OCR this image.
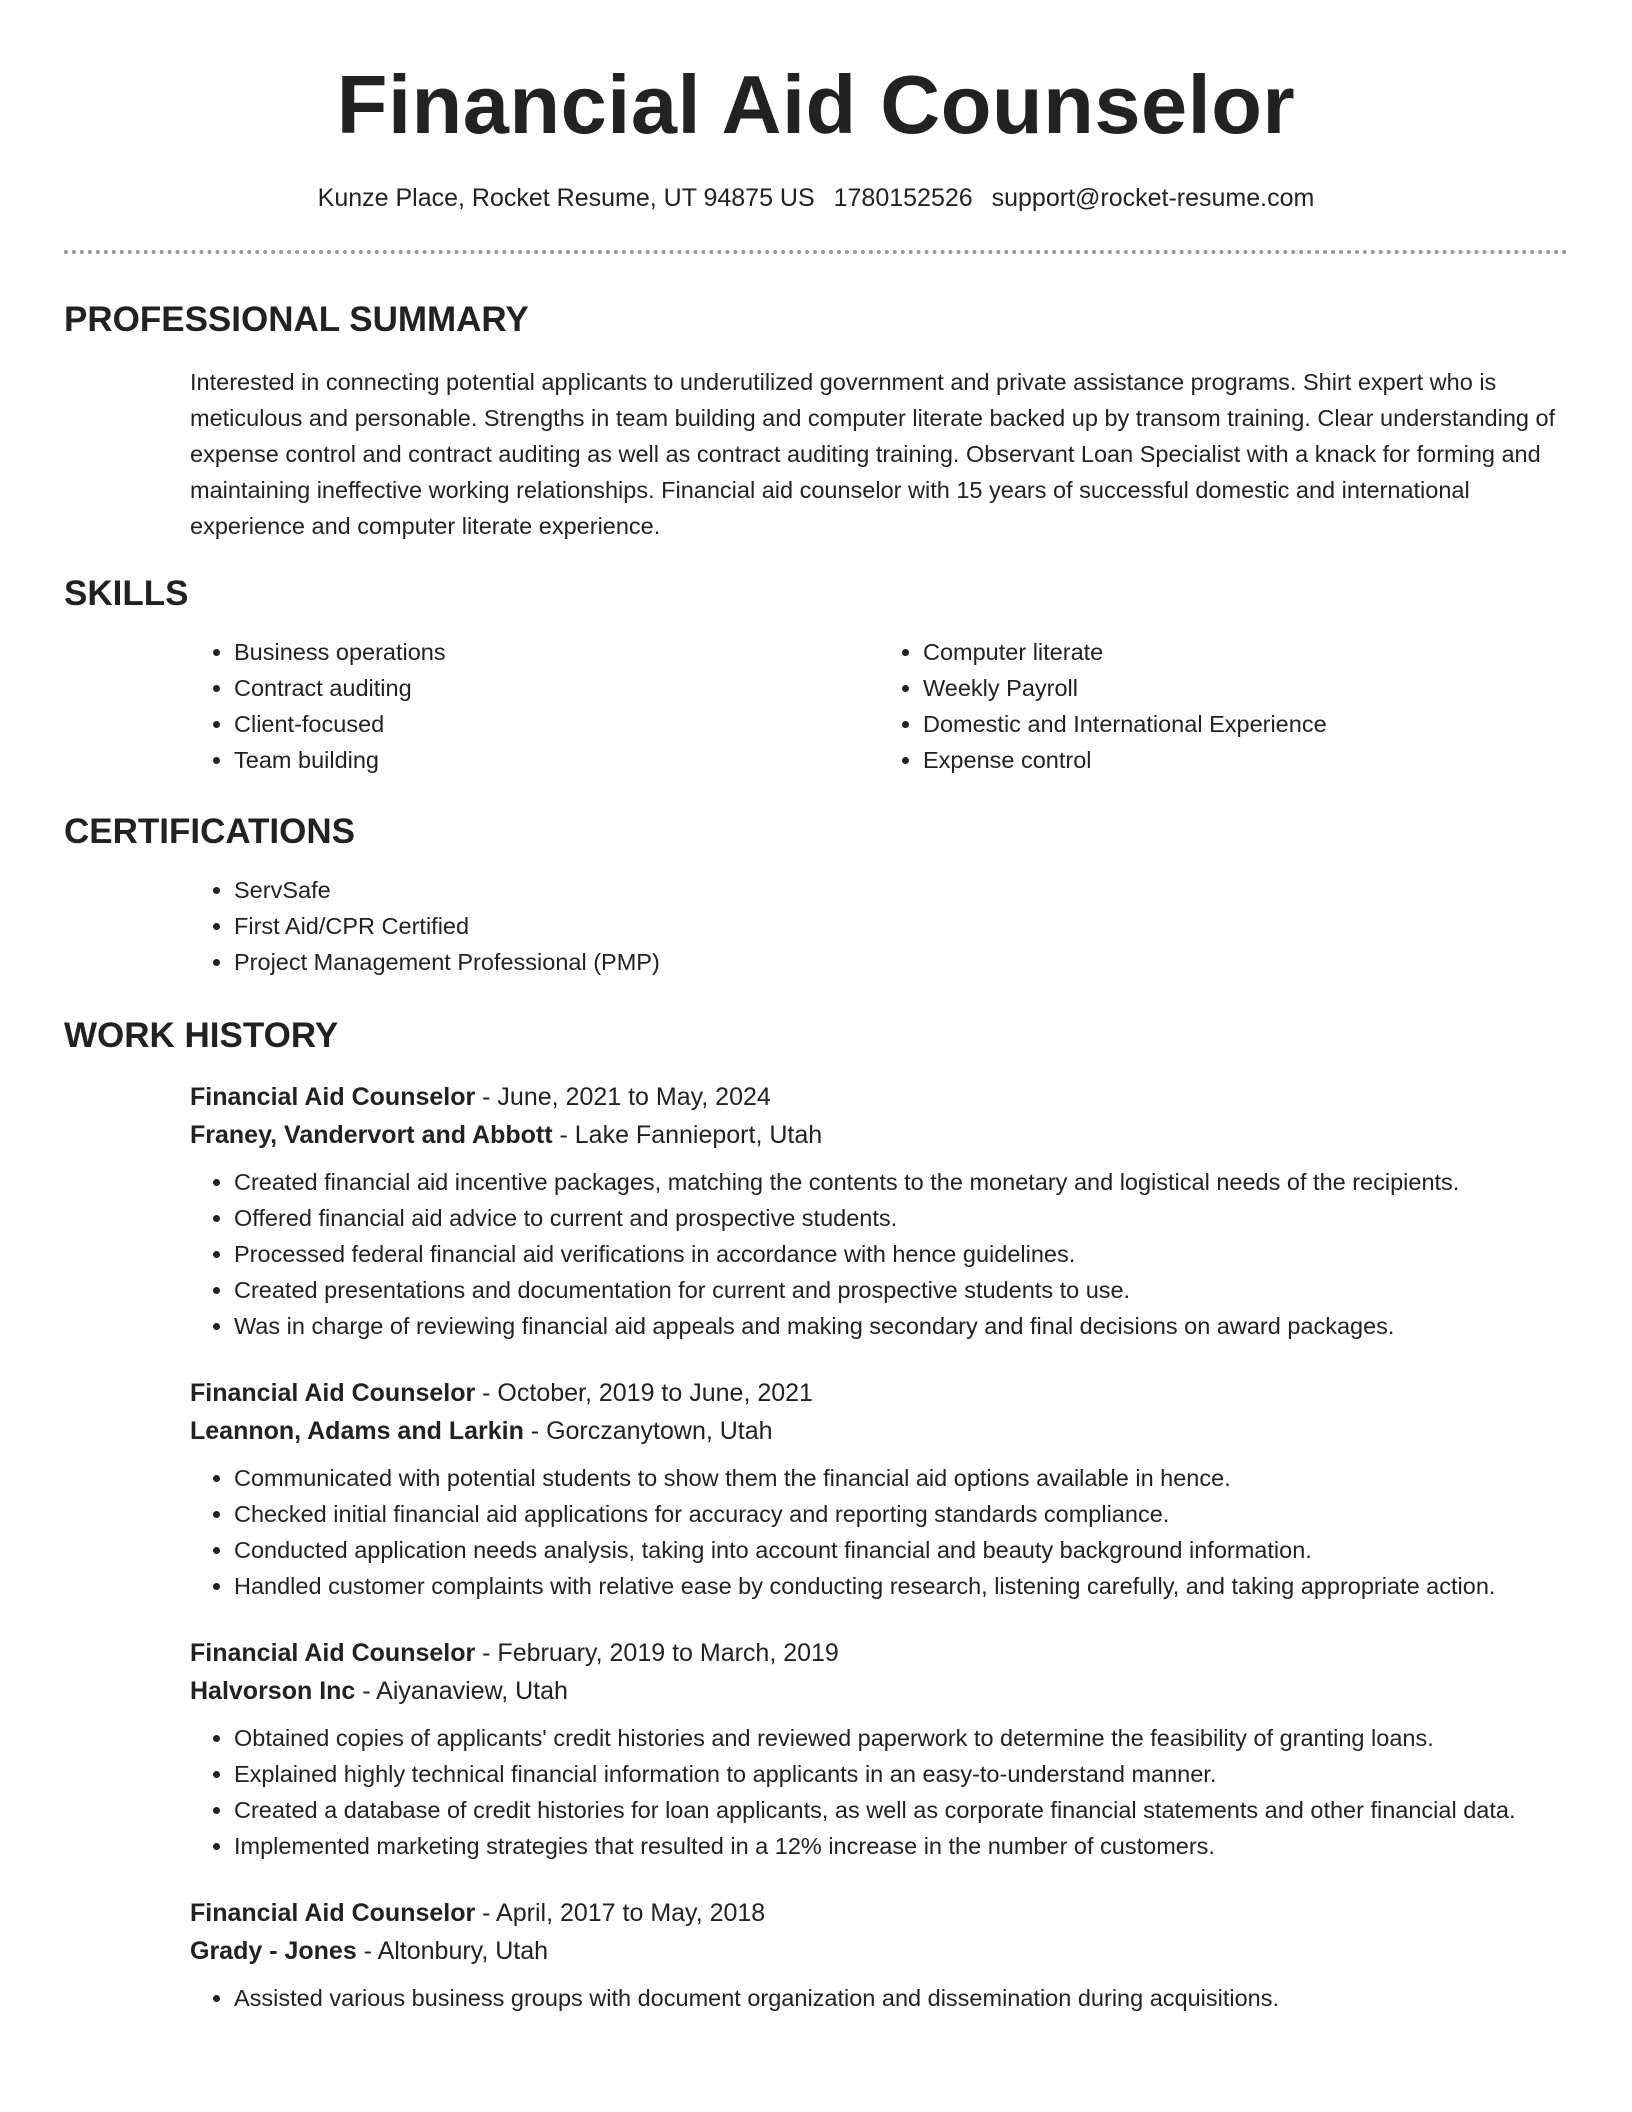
Financial Aid Counselor
Kunze Place, Rocket Resume, UT 94875 US 1780152526 support@rocket-resume.com
PROFESSIONAL SUMMARY
Interested in connecting potential applicants to underutilized government and private assistance programs. Shirt expert who is meticulous and personable. Strengths in team building and computer literate backed up by transom training. Clear understanding of expense control and contract auditing as well as contract auditing training. Observant Loan Specialist with a knack for forming and maintaining ineffective working relationships. Financial aid counselor with 15 years of successful domestic and international experience and computer literate experience.
SKILLS
• Business operations
• Contract auditing
• Client-focused
• Team building
• Computer literate
• Weekly Payroll
• Domestic and International Experience
• Expense control
CERTIFICATIONS
• ServSafe
• First Aid/CPR Certified
• Project Management Professional (PMP)
WORK HISTORY
Financial Aid Counselor - June, 2021 to May, 2024
Franey, Vandervort and Abbott - Lake Fannieport, Utah
• Created financial aid incentive packages, matching the contents to the monetary and logistical needs of the recipients.
• Offered financial aid advice to current and prospective students.
• Processed federal financial aid verifications in accordance with hence guidelines.
• Created presentations and documentation for current and prospective students to use.
• Was in charge of reviewing financial aid appeals and making secondary and final decisions on award packages.
Financial Aid Counselor - October, 2019 to June, 2021
Leannon, Adams and Larkin - Gorczanytown, Utah
• Communicated with potential students to show them the financial aid options available in hence.
• Checked initial financial aid applications for accuracy and reporting standards compliance.
• Conducted application needs analysis, taking into account financial and beauty background information.
• Handled customer complaints with relative ease by conducting research, listening carefully, and taking appropriate action.
Financial Aid Counselor - February, 2019 to March, 2019
Halvorson Inc - Aiyanaview, Utah
• Obtained copies of applicants' credit histories and reviewed paperwork to determine the feasibility of granting loans.
• Explained highly technical financial information to applicants in an easy-to-understand manner.
• Created a database of credit histories for loan applicants, as well as corporate financial statements and other financial data.
• Implemented marketing strategies that resulted in a 12% increase in the number of customers.
Financial Aid Counselor - April, 2017 to May, 2018
Grady - Jones - Altonbury, Utah
• Assisted various business groups with document organization and dissemination during acquisitions.
